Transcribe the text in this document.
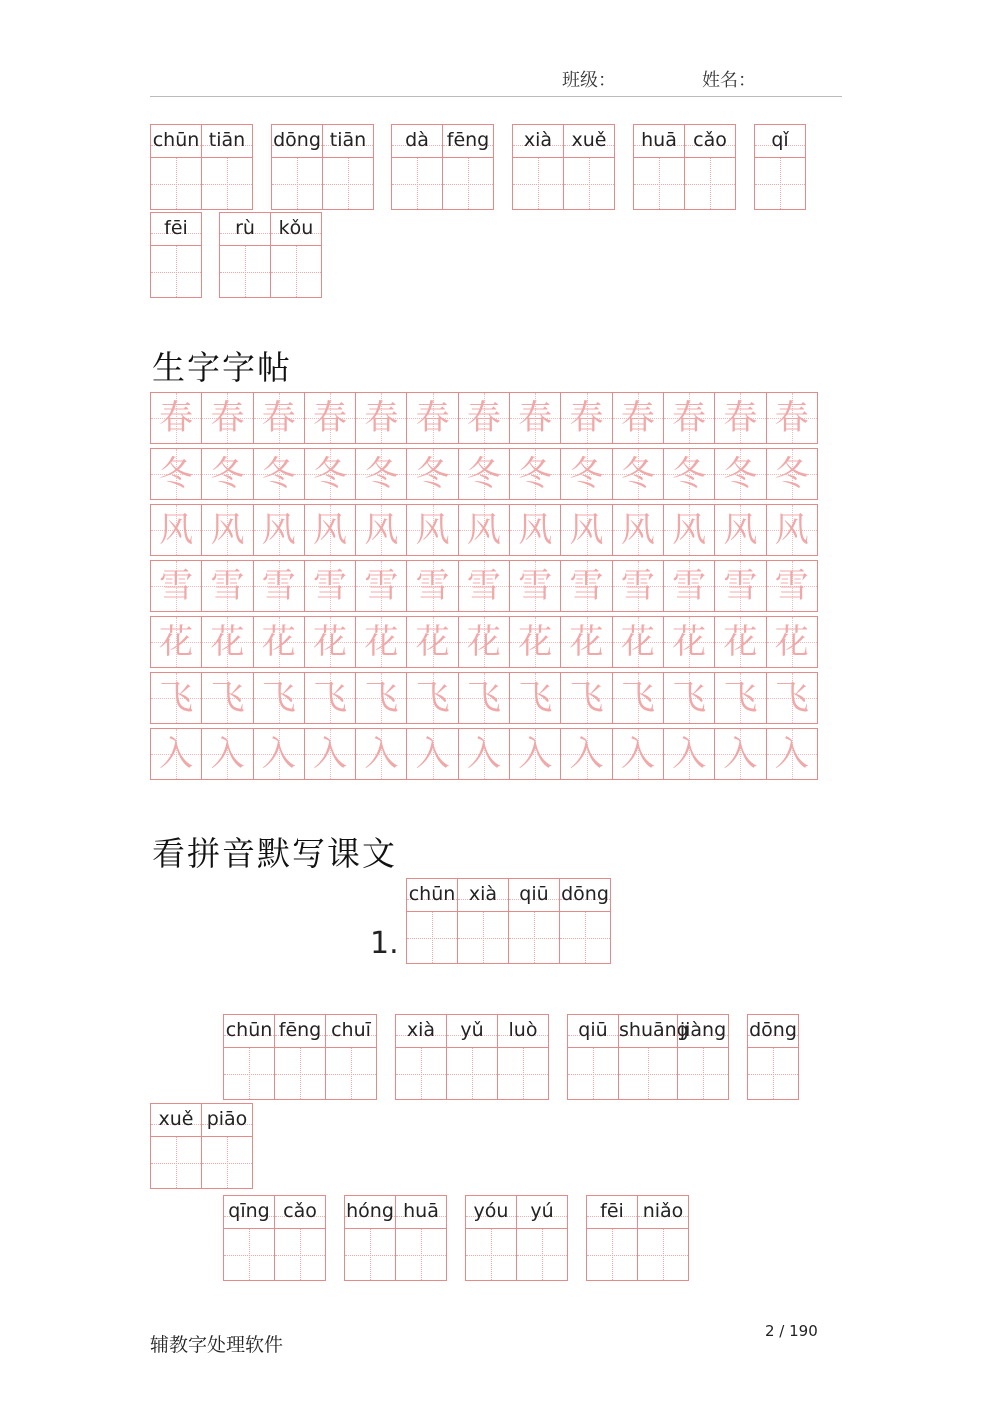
班级：	姓名：
chūn tiān	dōng tiān	dà fēng	xià	xuě	huā cǎo	qǐ
fēi	rù	kǒu
生字字帖
春 春 春 春 春 春 春 春 春 春 春 春 春
冬 冬 冬 冬 冬 冬 冬 冬 冬 冬 冬 冬 冬
风 风 风 风 风 风 风 风 风 风 风 风 风
雪 雪 雪 雪 雪 雪 雪 雪 雪 雪 雪 雪 雪
花 花 花 花 花 花 花 花 花 花 花 花 花
飞 飞 飞 飞 飞 飞 飞 飞 飞 飞 飞 飞 飞
入 入 入 入 入 入 入 入 入 入 入 入 入
看拼音默写课文
1.
chūn xià	qiū dōng
chūn fēng chuī	xià	yǔ	luò	qiū shuāng
jiàng dōng
xuě piāo
qīng cǎo	hóng huā	yóu	yú	fēi niǎo
辅教字处理软件
2 / 190
